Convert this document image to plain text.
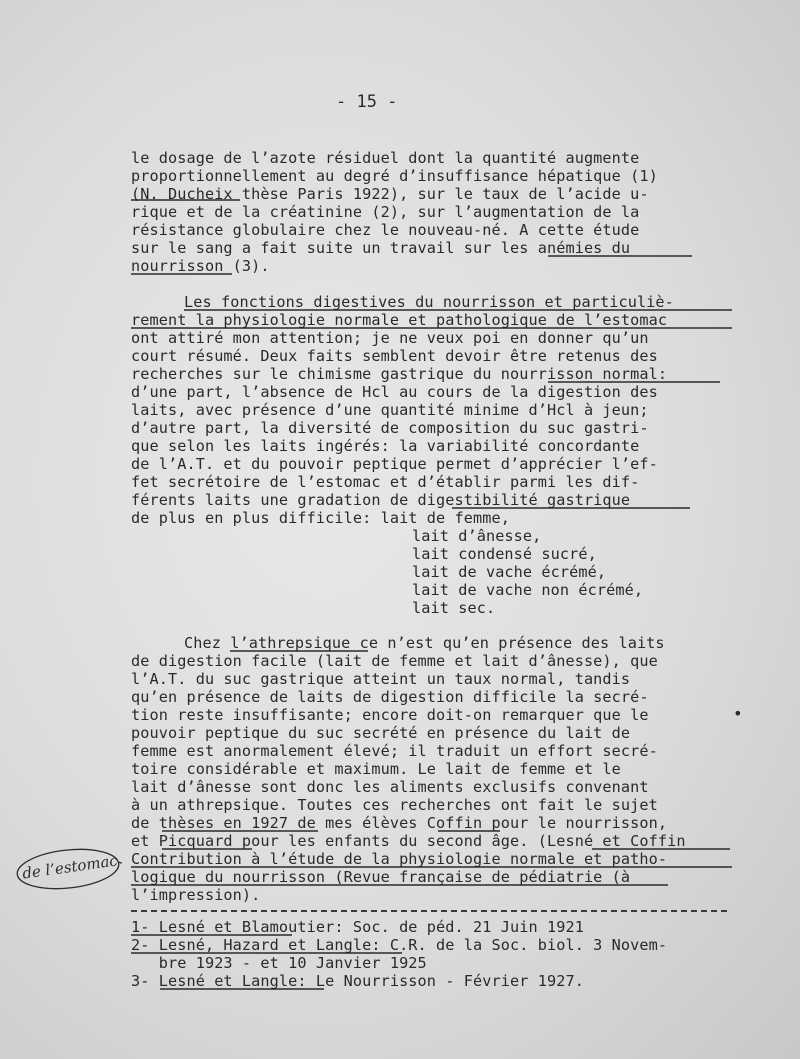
- 15 -
le dosage de l’azote résiduel dont la quantité augmente
proportionnellement au degré d’insuffisance hépatique (1)
(N. Ducheix thèse Paris 1922), sur le taux de l’acide u-
rique et de la créatinine (2), sur l’augmentation de la
résistance globulaire chez le nouveau-né. A cette étude
sur le sang a fait suite un travail sur les anémies du
nourrisson (3).
Les fonctions digestives du nourrisson et particuliè-
rement la physiologie normale et pathologique de l’estomac
ont attiré mon attention; je ne veux poi en donner qu’un
court résumé. Deux faits semblent devoir être retenus des
recherches sur le chimisme gastrique du nourrisson normal:
d’une part, l’absence de Hcl au cours de la digestion des
laits, avec présence d’une quantité minime d’Hcl à jeun;
d’autre part, la diversité de composition du suc gastri-
que selon les laits ingérés: la variabilité concordante
de l’A.T. et du pouvoir peptique permet d’apprécier l’ef-
fet secrétoire de l’estomac et d’établir parmi les dif-
férents laits une gradation de digestibilité gastrique
de plus en plus difficile: lait de femme,
lait d’ânesse,
lait condensé sucré,
lait de vache écrémé,
lait de vache non écrémé,
lait sec.
Chez l’athrepsique ce n’est qu’en présence des laits
de digestion facile (lait de femme et lait d’ânesse), que
l’A.T. du suc gastrique atteint un taux normal, tandis
qu’en présence de laits de digestion difficile la secré-
tion reste insuffisante; encore doit-on remarquer que le
pouvoir peptique du suc secrété en présence du lait de
femme est anormalement élevé; il traduit un effort secré-
toire considérable et maximum. Le lait de femme et le
lait d’ânesse sont donc les aliments exclusifs convenant
à un athrepsique. Toutes ces recherches ont fait le sujet
de thèses en 1927 de mes élèves Coffin pour le nourrisson,
et Picquard pour les enfants du second âge. (Lesné et Coffin
Contribution à l’étude de la physiologie normale et patho-
logique du nourrisson (Revue française de pédiatrie (à
l’impression).
•
de l’estomac
1- Lesné et Blamoutier: Soc. de péd. 21 Juin 1921
2- Lesné, Hazard et Langle: C.R. de la Soc. biol. 3 Novem-
bre 1923 - et 10 Janvier 1925
3- Lesné et Langle: Le Nourrisson - Février 1927.
